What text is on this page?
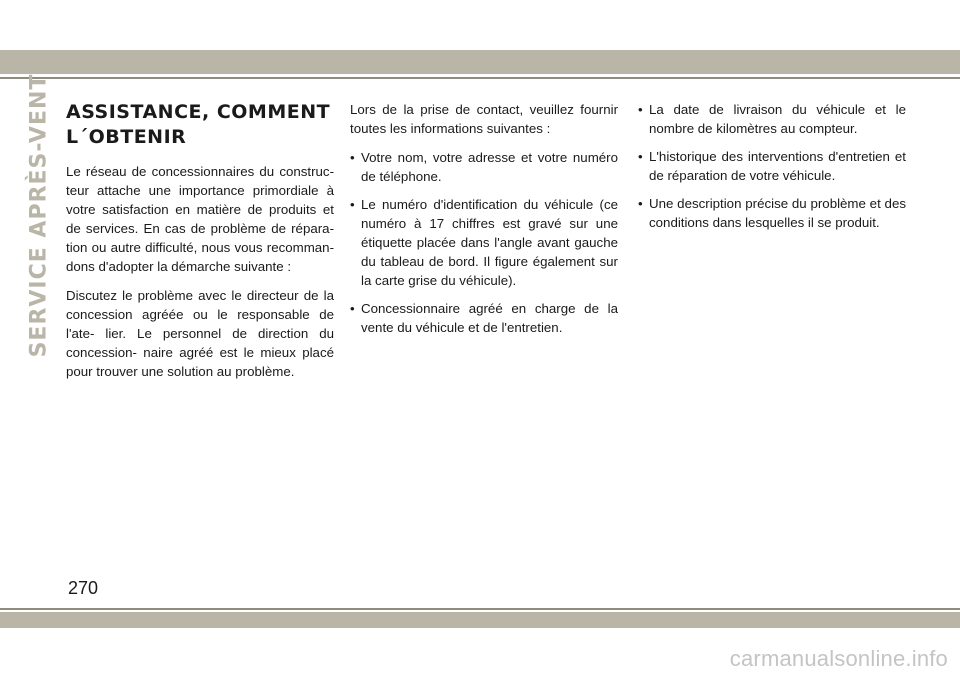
SERVICE APRÈS-VENTE ASSISTANCE, COMMENT L´OBTENIR

Le réseau de concessionnaires du construc- teur attache une importance primordiale à votre satisfaction en matière de produits et de services. En cas de problème de répara- tion ou autre difficulté, nous vous recomman- dons d'adopter la démarche suivante :

Discutez le problème avec le directeur de la concession agréée ou le responsable de l'ate- lier. Le personnel de direction du concession- naire agréé est le mieux placé pour trouver une solution au problème.

Lors de la prise de contact, veuillez fournir toutes les informations suivantes :

• Votre nom, votre adresse et votre numéro de téléphone.
• Le numéro d'identification du véhicule (ce numéro à 17 chiffres est gravé sur une étiquette placée dans l'angle avant gauche du tableau de bord. Il figure également sur la carte grise du véhicule).
• Concessionnaire agréé en charge de la vente du véhicule et de l'entretien.
• La date de livraison du véhicule et le nombre de kilomètres au compteur.
• L'historique des interventions d'entretien et de réparation de votre véhicule.
• Une description précise du problème et des conditions dans lesquelles il se produit.
270
carmanualsonline.info
